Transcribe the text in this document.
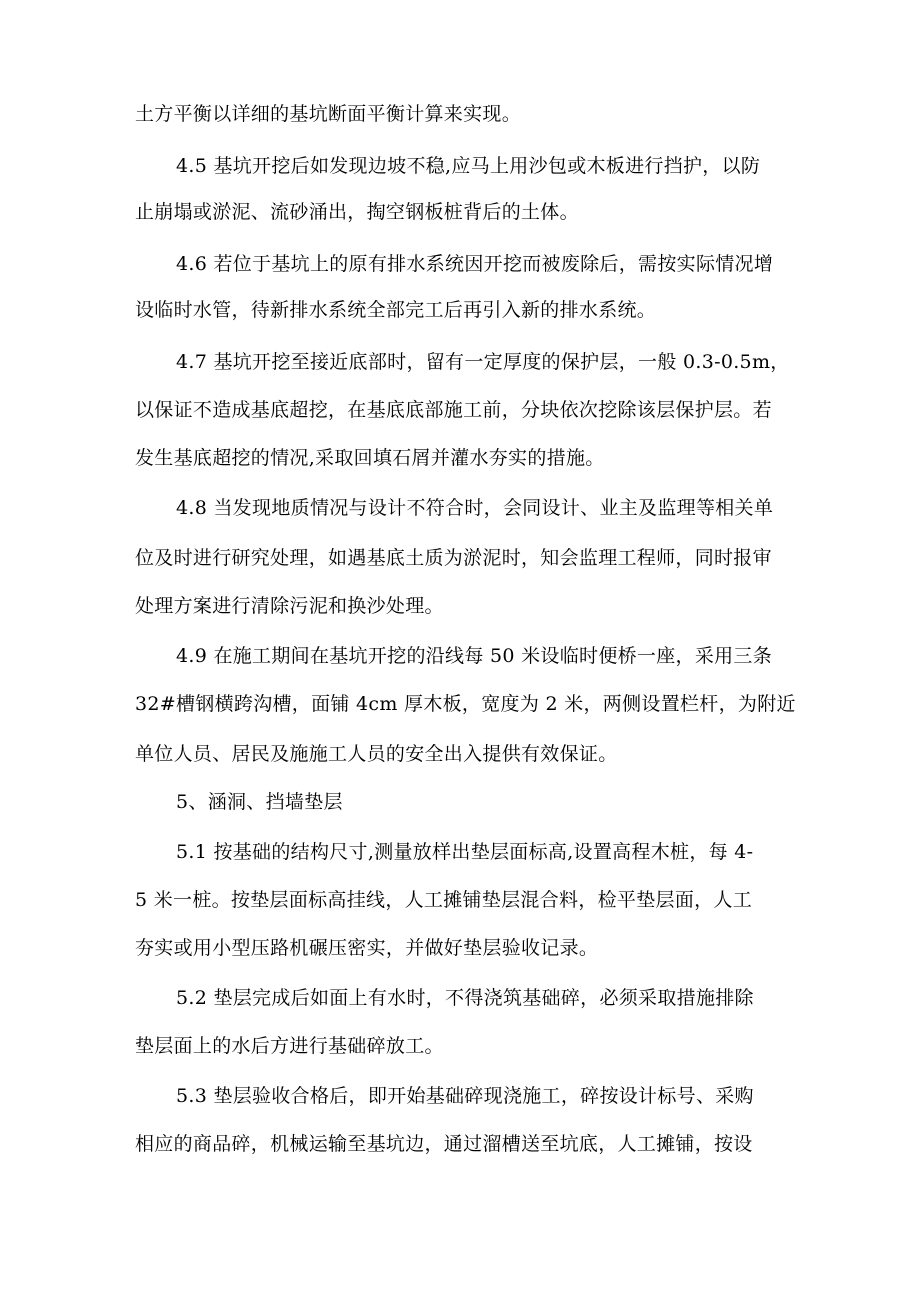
土方平衡以详细的基坑断面平衡计算来实现。
4.5 基坑开挖后如发现边坡不稳,应马上用沙包或木板进行挡护，以防
止崩塌或淤泥、流砂涌出，掏空钢板桩背后的土体。
4.6 若位于基坑上的原有排水系统因开挖而被废除后，需按实际情况增
设临时水管，待新排水系统全部完工后再引入新的排水系统。
4.7 基坑开挖至接近底部时，留有一定厚度的保护层，一般 0.3-0.5m，
以保证不造成基底超挖，在基底底部施工前，分块依次挖除该层保护层。若
发生基底超挖的情况,采取回填石屑并灌水夯实的措施。
4.8 当发现地质情况与设计不符合时，会同设计、业主及监理等相关单
位及时进行研究处理，如遇基底土质为淤泥时，知会监理工程师，同时报审
处理方案进行清除污泥和换沙处理。
4.9 在施工期间在基坑开挖的沿线每 50 米设临时便桥一座，采用三条
32#槽钢横跨沟槽，面铺 4cm 厚木板，宽度为 2 米，两侧设置栏杆，为附近
单位人员、居民及施施工人员的安全出入提供有效保证。
5、涵洞、挡墙垫层
5.1 按基础的结构尺寸,测量放样出垫层面标高,设置高程木桩，每 4-
5 米一桩。按垫层面标高挂线，人工摊铺垫层混合料，检平垫层面，人工
夯实或用小型压路机碾压密实，并做好垫层验收记录。
5.2 垫层完成后如面上有水时，不得浇筑基础碎，必须采取措施排除
垫层面上的水后方进行基础碎放工。
5.3 垫层验收合格后，即开始基础碎现浇施工，碎按设计标号、采购
相应的商品碎，机械运输至基坑边，通过溜槽送至坑底，人工摊铺，按设
